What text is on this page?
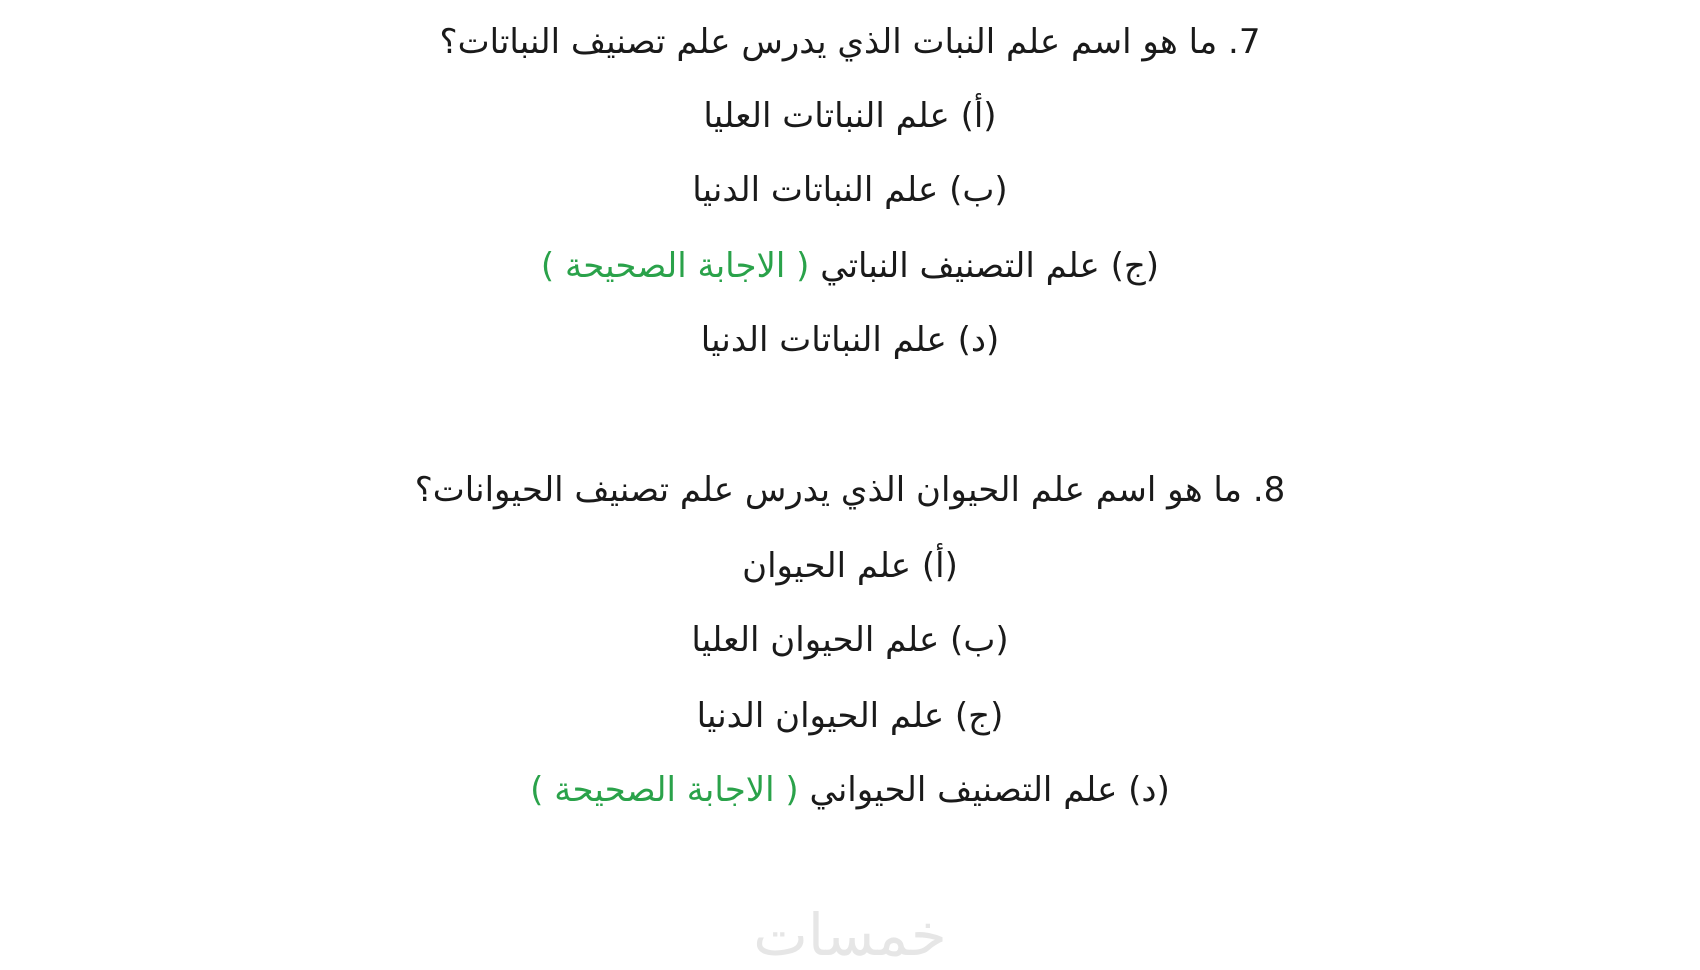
7. ما هو اسم علم النبات الذي يدرس علم تصنيف النباتات؟
(أ) علم النباتات العليا
(ب) علم النباتات الدنيا
(ج) علم التصنيف النباتي ( الاجابة الصحيحة )
(د) علم النباتات الدنيا
8. ما هو اسم علم الحيوان الذي يدرس علم تصنيف الحيوانات؟
(أ) علم الحيوان
(ب) علم الحيوان العليا
(ج) علم الحيوان الدنيا
(د) علم التصنيف الحيواني ( الاجابة الصحيحة )
خمسات
